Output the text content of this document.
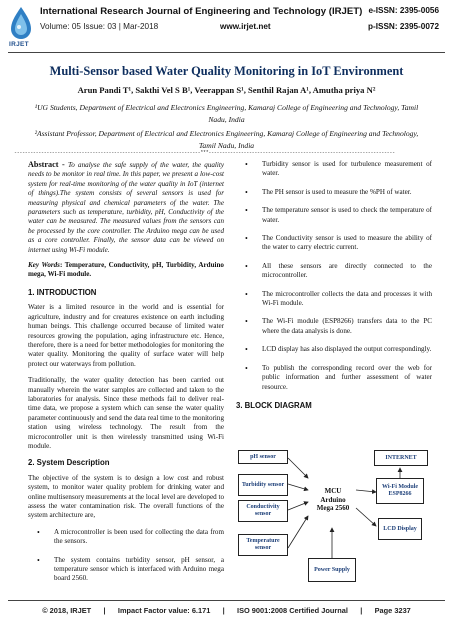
IRJET
International Research Journal of Engineering and Technology (IRJET)
Volume: 05 Issue: 03 | Mar-2018	www.irjet.net
e-ISSN: 2395-0056
p-ISSN: 2395-0072
Multi-Sensor based Water Quality Monitoring in IoT Environment
Arun Pandi T¹, Sakthi Vel S B¹, Veerappan S¹, Senthil Rajan A¹, Amutha priya N²
¹UG Students, Department of Electrical and Electronics Engineering, Kamaraj College of Engineering and Technology, Tamil Nadu, India
²Assistant Professor, Department of Electrical and Electronics Engineering, Kamaraj College of Engineering and Technology, Tamil Nadu, India
---------------------------------------------------------------------***---------------------------------------------------------------------
Abstract - To analyse the safe supply of the water, the quality needs to be monitor in real time. In this paper, we present a low-cost system for real-time monitoring of the water quality in IoT (internet of things).The system consists of several sensors is used for measuring physical and chemical parameters of the water. The parameters such as temperature, turbidity, pH, Conductivity of the water can be measured. The measured values from the sensors can be processed by the core controller. The Arduino mega can be used as a core controller. Finally, the sensor data can be viewed on internet using Wi-Fi module.
Key Words: Temperature, Conductivity, pH, Turbidity, Arduino mega, Wi-Fi module.
1. INTRODUCTION
Water is a limited resource in the world and is essential for agriculture, industry and for creatures existence on earth including human beings. This challenge occurred because of limited water resources growing the population, aging infrastructure etc. Hence, therefore, there is a need for better methodologies for monitoring the water quality. Monitoring the quality of surface water will help protect our waterways from pollution.
Traditionally, the water quality detection has been carried out manually wherein the water samples are collected and taken to the laboratories for analysis. Since these methods fail to deliver real-time data, we propose a system which can sense the water quality parameter continuously and send the data real time to the monitoring station using wireless technology. The result from the microcontroller unit is then wirelessly transmitted using Wi-Fi module.
2. System Description
The objective of the system is to design a low cost and robust system, to monitor water quality problem for drinking water and online multisensory measurements at the local level are developed to assess the water contamination risk. The overall functions of the system architecture are,
• A microcontroller is been used for collecting the data from the sensors.
• The system contains turbidity sensor, pH sensor, a temperature sensor which is interfaced with Arduino mega board 2560.
• Turbidity sensor is used for turbulence measurement of water.
• The PH sensor is used to measure the %PH of water.
• The temperature sensor is used to check the temperature of water.
• The Conductivity sensor is used to measure the ability of the water to carry electric current.
• All these sensors are directly connected to the microcontroller.
• The microcontroller collects the data and processes it with Wi-Fi module.
• The Wi-Fi module (ESP8266) transfers data to the PC where the data analysis is done.
• LCD display has also displayed the output correspondingly.
• To publish the corresponding record over the web for public information and further assessment of water resource.
3. BLOCK DIAGRAM
pH sensor
Turbidity sensor
Conductivity sensor
Temperature sensor
MCU Arduino Mega 2560
INTERNET
Wi-Fi Module ESP8266
LCD Display
Power Supply
© 2018, IRJET      |      Impact Factor value: 6.171      |      ISO 9001:2008 Certified Journal      |      Page 3237
